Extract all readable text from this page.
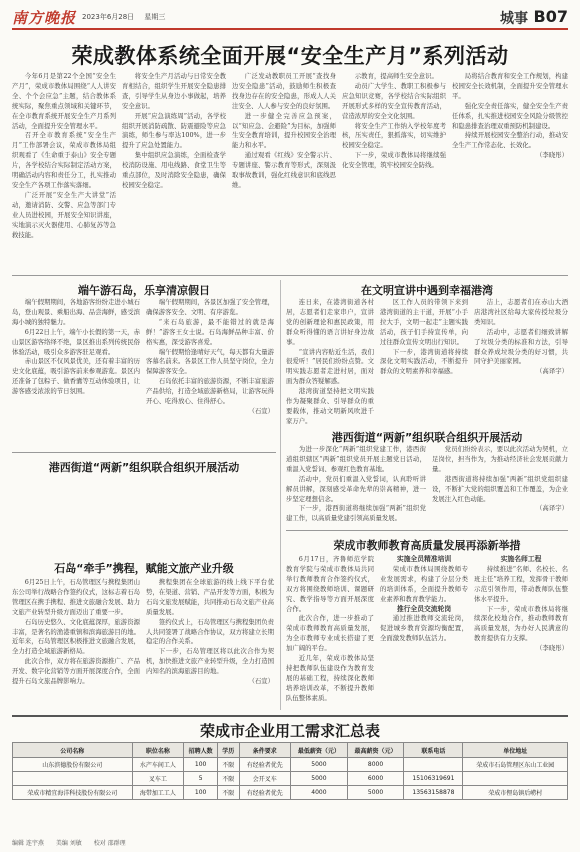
南方晚报 2023年6月28日 星期三	城事 B07
荣成教体系统全面开展“安全生产月”系列活动

今年6月是第22个全国“安全生产月”，荣成市教体局围绕“人人讲安全、个个会应急”主题，结合教体系统实际，聚焦重点领域和关键环节，在全市教育系统开展安全生产月系列活动，全面提升安全管理水平。

召开全市教育系统“安全生产月”工作部署会议，荣成市教体局组织观看了《生命重于泰山》安全专题片，各学校结合实际制定活动方案，明确活动内容和责任分工，扎实推动安全生产各项工作落实落细。

广泛开展“安全生产大讲堂”活动，邀请消防、交警、应急等部门专业人员进校园，开展安全知识讲座，实地演示灭火器使用、心肺复苏等急救技能。

将安全生产月活动与日常安全教育相结合，组织学生开展安全隐患排查，引导学生从身边小事做起，培养安全意识。

开展“应急演练周”活动，各学校组织开展消防疏散、防震避险等应急演练，师生参与率达100%，进一步提升了应急处置能力。

集中组织应急演练，全面检查学校消防设施、用电线路、食堂卫生等重点部位，及时消除安全隐患，确保校园安全稳定。

广泛发动教职员工开展“查找身边安全隐患”活动，鼓励师生积极查找身边存在的安全隐患，形成人人关注安全、人人参与安全的良好氛围。

进一步健全完善应急预案，以“知应急、会避险”为目标，加强师生安全教育培训，提升校园安全治理能力和水平。

通过观看《红线》安全警示片、专题讲座、警示教育等形式，深刻汲取事故教训，强化红线意识和底线思维。

示教育，提高师生安全意识。

动员广大学生、教职工积极参与应急知识竞赛，各学校结合实际组织开展形式多样的安全宣传教育活动，营造浓厚的安全文化氛围。

将安全生产工作纳入学校年度考核，压实责任，狠抓落实，切实维护校园安全稳定。

下一步，荣成市教体局将继续强化安全管理，筑牢校园安全防线。

局将结合教育和安全工作规划，构建校园安全长效机制，全面提升安全管理水平。

强化安全责任落实，健全安全生产责任体系，扎实推进校园安全风险分级管控和隐患排查治理双重预防机制建设。

持续开展校园安全整治行动，推动安全生产工作常态化、长效化。

（李晓彤）
端午游石岛，乐享清凉假日

端午假期期间，各地游客纷纷走进小城石岛，登山观景、乘船出海、品尝海鲜，感受滨海小城的独特魅力。

6月22日上午，端午小长假的第一天，赤山景区游客络绎不绝，景区推出系列传统民俗体验活动，吸引众多游客驻足观看。

赤山景区不仅风景优美，还有着丰富的历史文化底蕴，吸引游客前来参观游览。景区内还准备了包粽子、做香囊等互动体验项目，让游客感受浓浓的节日氛围。

端午假期期间，各景区加强了安全管理，确保游客安全、文明、有序游览。

“来石岛旅游，最不能错过的就是海鲜！”游客王女士说。石岛海鲜品种丰富、价格实惠，深受游客喜爱。

端午假期恰逢晴好天气，每天都有大量游客慕名前来。各景区工作人员坚守岗位，全力保障游客安全。

石岛依托丰富的旅游资源，不断丰富旅游产品供给，打造全域旅游新格局，让游客玩得开心、吃得放心、住得舒心。

（石宣）
在文明宣讲中遇到幸福港湾

连日来，在港湾街道各村居，志愿者们走家串户，宣讲党的创新理论和惠民政策，用群众听得懂的语言讲好身边故事。

“宣讲内容贴近生活，我们很爱听！”居民们纷纷点赞。文明实践志愿者走进村居，面对面为群众答疑解惑。

港湾街道坚持把文明实践作为凝聚群众、引导群众的重要载体，推动文明新风吹进千家万户。

区工作人员的带领下来到港湾街道的主干道，开展“小手拉大手，文明一起走”主题实践活动，孩子们手持宣传单，向过往群众宣传文明出行知识。

下一步，港湾街道将持续深化文明实践活动，不断提升群众的文明素养和幸福感。

洁上，志愿者们在赤山大酒店港湾社区给每大家传授垃圾分类知识。

活动中，志愿者们细致讲解了垃圾分类的标准和方法，引导群众养成垃圾分类的好习惯，共同守护美丽家园。

（高译宇）
港西街道“两新”组织联合组织开展活动

为进一步深化“两新”组织党建工作，港西街道组织辖区“两新”组织党员开展主题党日活动，重温入党誓词、参观红色教育基地。

活动中，党员们重温入党誓词，认真聆听讲解员讲解，深刻感受革命先辈的崇高精神，进一步坚定理想信念。

下一步，港西街道将继续加强“两新”组织党建工作，以高质量党建引领高质量发展。

党员们纷纷表示，要以此次活动为契机，立足岗位，担当作为，为推动经济社会发展贡献力量。

港西街道将持续加强“两新”组织党组织建设，不断扩大党的组织覆盖和工作覆盖，为企业发展注入红色动能。

（高译宇）
港西街道“两新”组织联合组织开展活动
石岛“牵手”携程，赋能文旅产业升级

6月25日上午，石岛管理区与携程集团山东公司举行战略合作签约仪式，这标志着石岛管理区在携手携程、推进文旅融合发展、助力文旅产业转型升级方面迈出了重要一步。

石岛历史悠久、文化底蕴深厚，旅游资源丰富，是著名的渔港重镇和滨海旅游目的地。近年来，石岛管理区积极推进文旅融合发展，全力打造全域旅游新格局。

此次合作，双方将在旅游资源推广、产品开发、数字化营销等方面开展深度合作，全面提升石岛文旅品牌影响力。

携程集团在全球旅游的线上线下平台优势，在渠道、营销、产品开发等方面，积极为石岛文旅发展赋能，共同推动石岛文旅产业高质量发展。

签约仪式上，石岛管理区与携程集团负责人共同签署了战略合作协议，双方将建立长期稳定的合作关系。

下一步，石岛管理区将以此次合作为契机，加快推进文旅产业转型升级，全力打造国内知名的滨海旅游目的地。

（石宣）
荣成市教师教育高质量发展再添新举措

6月17日，齐鲁师范学院教育学院与荣成市教体局共同举行教师教育合作签约仪式，双方将围绕教师培训、课题研究、教学指导等方面开展深度合作。

此次合作，进一步推动了荣成市教师教育高质量发展，为全市教师专业成长搭建了更加广阔的平台。

近几年，荣成市教体局坚持把教师队伍建设作为教育发展的基础工程，持续深化教师培养培训改革，不断提升教师队伍整体素质。

实施全员精准培训

荣成市教体局围绕教师专业发展需求，构建了分层分类的培训体系，全面提升教师专业素养和教育教学能力。

推行全员交流轮岗

通过推进教师交流轮岗，促进城乡教育资源均衡配置，全面激发教师队伍活力。

实施名师工程

持续推进“名师、名校长、名班主任”培养工程，发挥骨干教师示范引领作用，带动教师队伍整体水平提升。

下一步，荣成市教体局将继续深化校地合作，推动教师教育高质量发展，为办好人民满意的教育提供有力支撑。

（李晓彤）
荣成市企业用工需求汇总表
公司名称	职位名称	招聘人数	学历	条件要求	最低薪资（元）	最高薪资（元）	联系电话	单位地址
山东滨德股份有限公司	水产车间工人	100	不限	有经验者优先	5000	8000		荣成市石岛管理区东山工业园
	叉车工	5	不限	会开叉车	5000	6000	15106319691	
荣成市精宜海洋科技股份有限公司	海带加工工人	100	不限	有经验者优先	4000	5000	13563158878	荣成市俚岛镇后崂村
编辑 连宇燕 美编 刘敏 校对 邵群理
